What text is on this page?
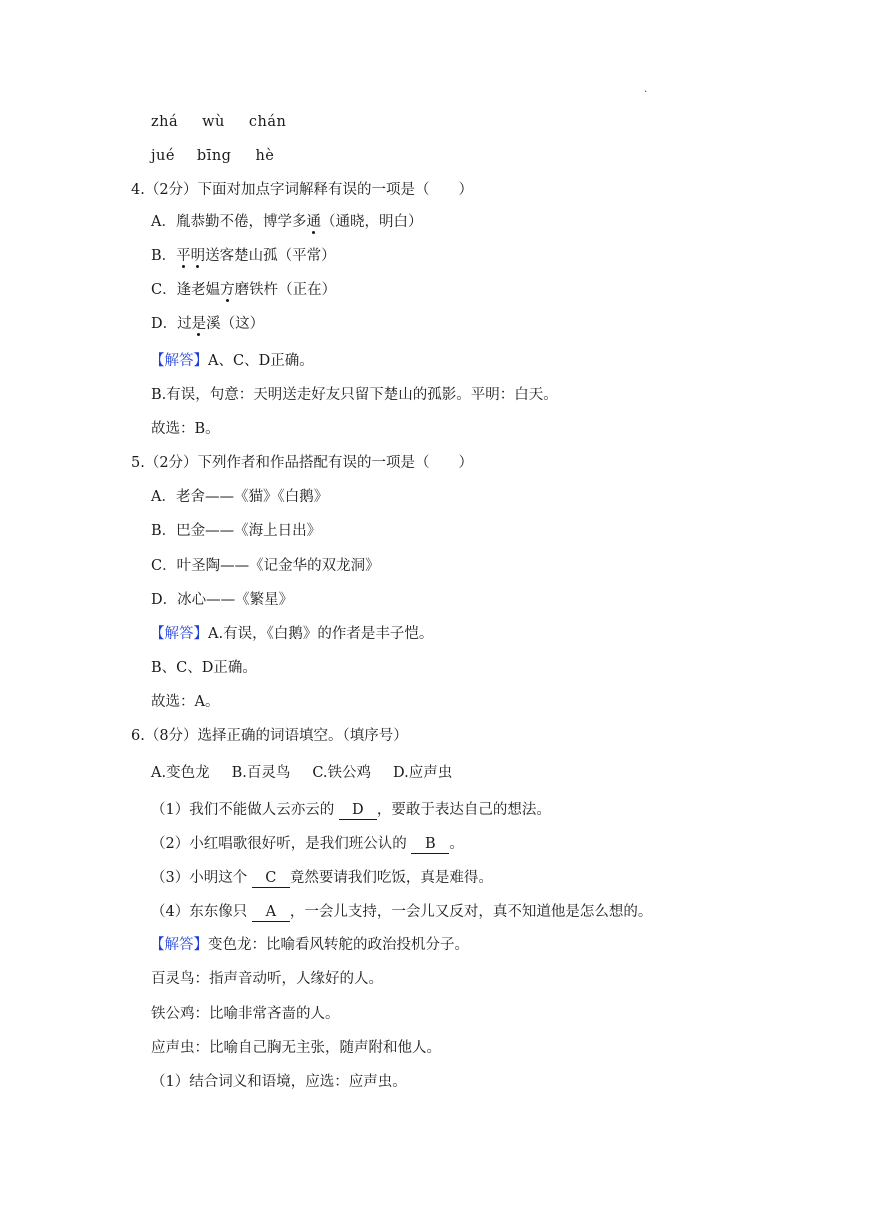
.
zhá wù chán
jué bīng hè
4.（2分）下面对加点字词解释有误的一项是（　　）
A．胤恭勤不倦，博学多通（通晓，明白）
B．平明送客楚山孤（平常）
C．逢老媪方磨铁杵（正在）
D．过是溪（这）
【解答】A、C、D正确。
B.有误，句意：天明送走好友只留下楚山的孤影。平明：白天。
故选：B。
5.（2分）下列作者和作品搭配有误的一项是（　　）
A．老舍——《猫》《白鹅》
B．巴金——《海上日出》
C．叶圣陶——《记金华的双龙洞》
D．冰心——《繁星》
【解答】A.有误，《白鹅》的作者是丰子恺。
B、C、D正确。
故选：A。
6.（8分）选择正确的词语填空。（填序号）
A.变色龙 B.百灵鸟 C.铁公鸡 D.应声虫
（1）我们不能做人云亦云的 D ，要敢于表达自己的想法。
（2）小红唱歌很好听，是我们班公认的 B 。
（3）小明这个 C 竟然要请我们吃饭，真是难得。
（4）东东像只 A ，一会儿支持，一会儿又反对，真不知道他是怎么想的。
【解答】变色龙：比喻看风转舵的政治投机分子。
百灵鸟：指声音动听，人缘好的人。
铁公鸡：比喻非常吝啬的人。
应声虫：比喻自己胸无主张，随声附和他人。
（1）结合词义和语境，应选：应声虫。
